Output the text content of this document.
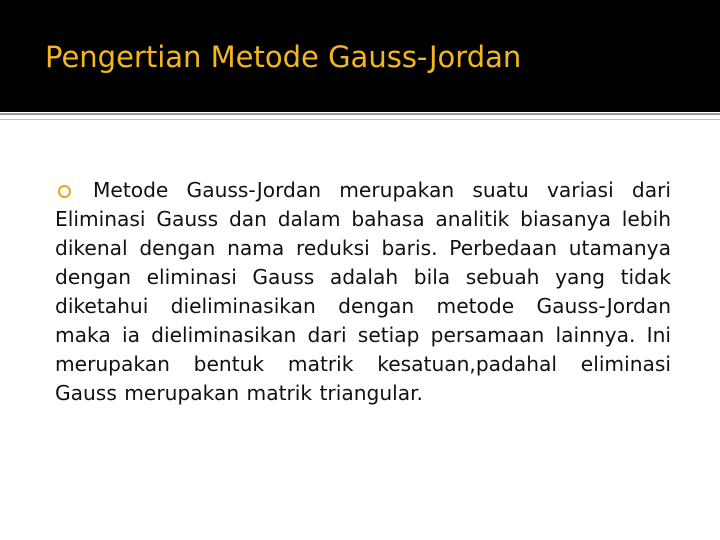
Pengertian Metode Gauss-Jordan

Metode Gauss-Jordan merupakan suatu variasi dari Eliminasi Gauss dan dalam bahasa analitik biasanya lebih dikenal dengan nama reduksi baris. Perbedaan utamanya dengan eliminasi Gauss adalah bila sebuah yang tidak diketahui dieliminasikan dengan metode Gauss-Jordan maka ia dieliminasikan dari setiap persamaan lainnya. Ini merupakan bentuk matrik kesatuan,padahal eliminasi Gauss merupakan matrik triangular.
